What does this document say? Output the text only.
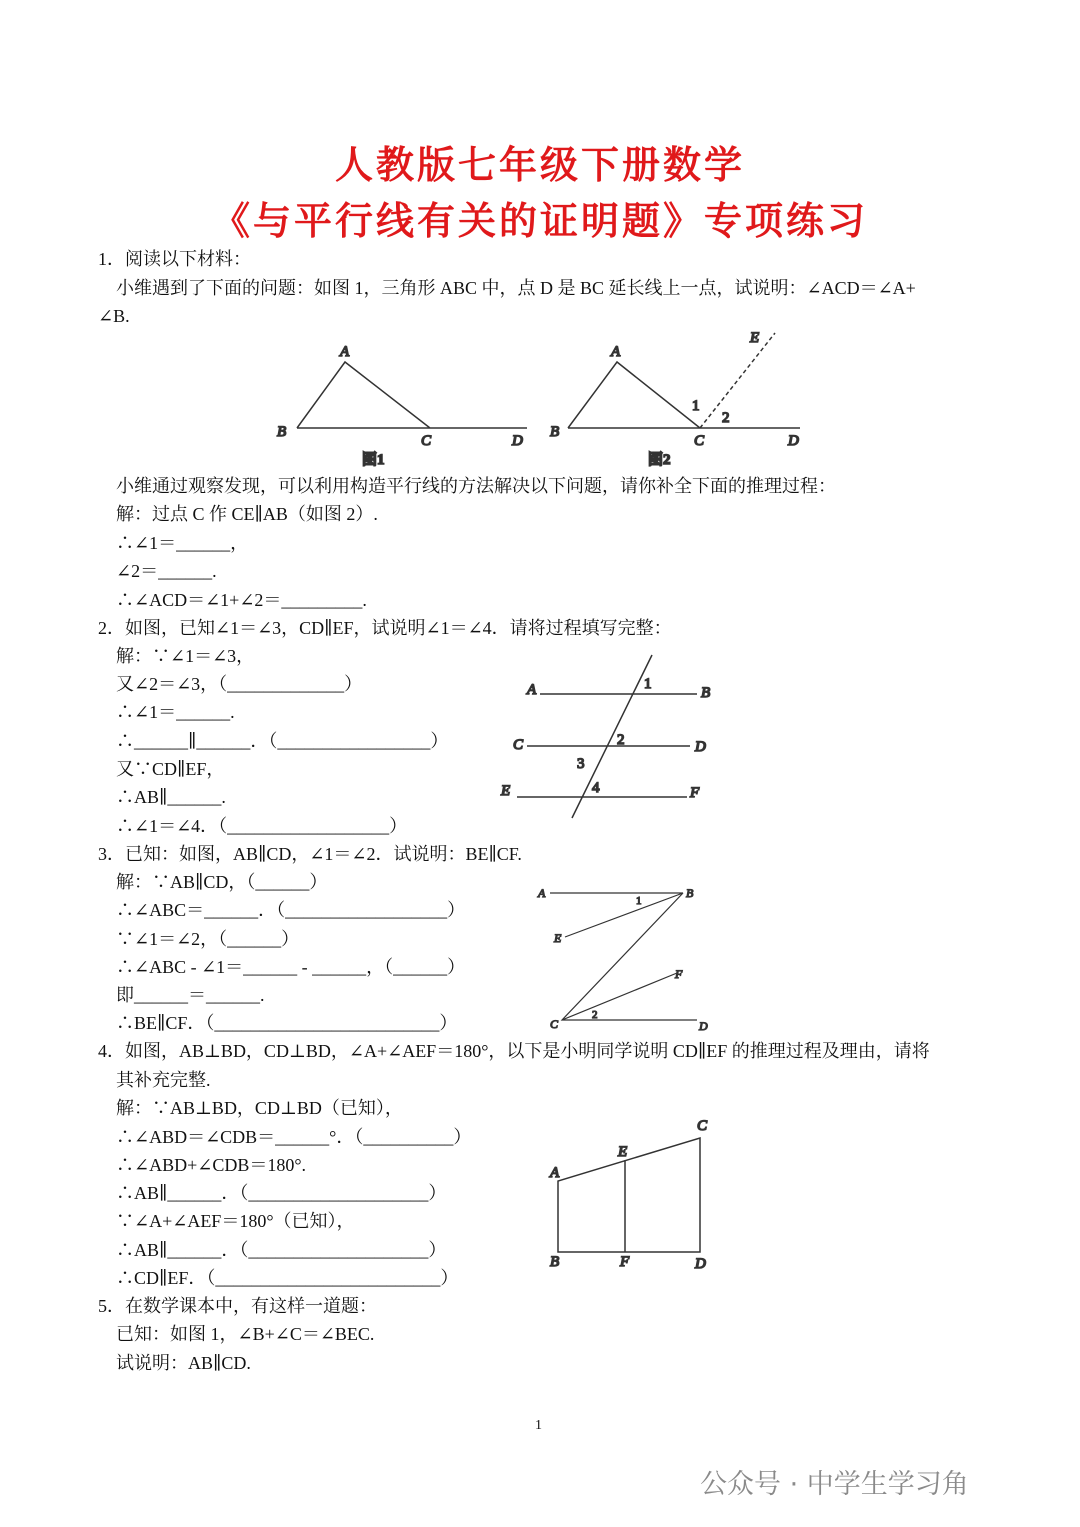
人教版七年级下册数学
《与平行线有关的证明题》专项练习
1．阅读以下材料：
　小维遇到了下面的问题：如图 1，三角形 ABC 中，点 D 是 BC 延长线上一点，试说明：∠ACD＝∠A+
∠B.
　小维通过观察发现，可以利用构造平行线的方法解决以下问题，请你补全下面的推理过程：
　解：过点 C 作 CE∥AB（如图 2）.
　∴∠1＝______，
　∠2＝______.
　∴∠ACD＝∠1+∠2＝_________.
2．如图，已知∠1＝∠3，CD∥EF，试说明∠1＝∠4．请将过程填写完整：
　解：∵∠1＝∠3，
　又∠2＝∠3，（_____________）
　∴∠1＝______.
　∴______∥______．（_________________）
　又∵CD∥EF，
　∴AB∥______.
　∴∠1＝∠4．（__________________）
3．已知：如图，AB∥CD，∠1＝∠2．试说明：BE∥CF.
　解：∵AB∥CD，（______）
　∴∠ABC＝______．（__________________）
　∵∠1＝∠2，（______）
　∴∠ABC - ∠1＝______ - ______，（______）
　即______＝______.
　∴BE∥CF．（_________________________）
4．如图，AB⊥BD，CD⊥BD，∠A+∠AEF＝180°，以下是小明同学说明 CD∥EF 的推理过程及理由，请将
　其补充完整.
　解：∵AB⊥BD，CD⊥BD（已知），
　∴∠ABD＝∠CDB＝______°．（__________）
　∴∠ABD+∠CDB＝180°.
　∴AB∥______．（____________________）
　∵∠A+∠AEF＝180°（已知），
　∴AB∥______．（____________________）
　∴CD∥EF．（_________________________）
5．在数学课本中，有这样一道题：
　已知：如图 1，∠B+∠C＝∠BEC.
　试说明：AB∥CD.
A
B
C	D
图1
A
B
C	D
E
1
2
图2
A	B
C	D
E	F
1
2
3
4
A	B
C	D
E
F
1
2
A
B
C
D
E
F
1
公众号 · 中学生学习角
